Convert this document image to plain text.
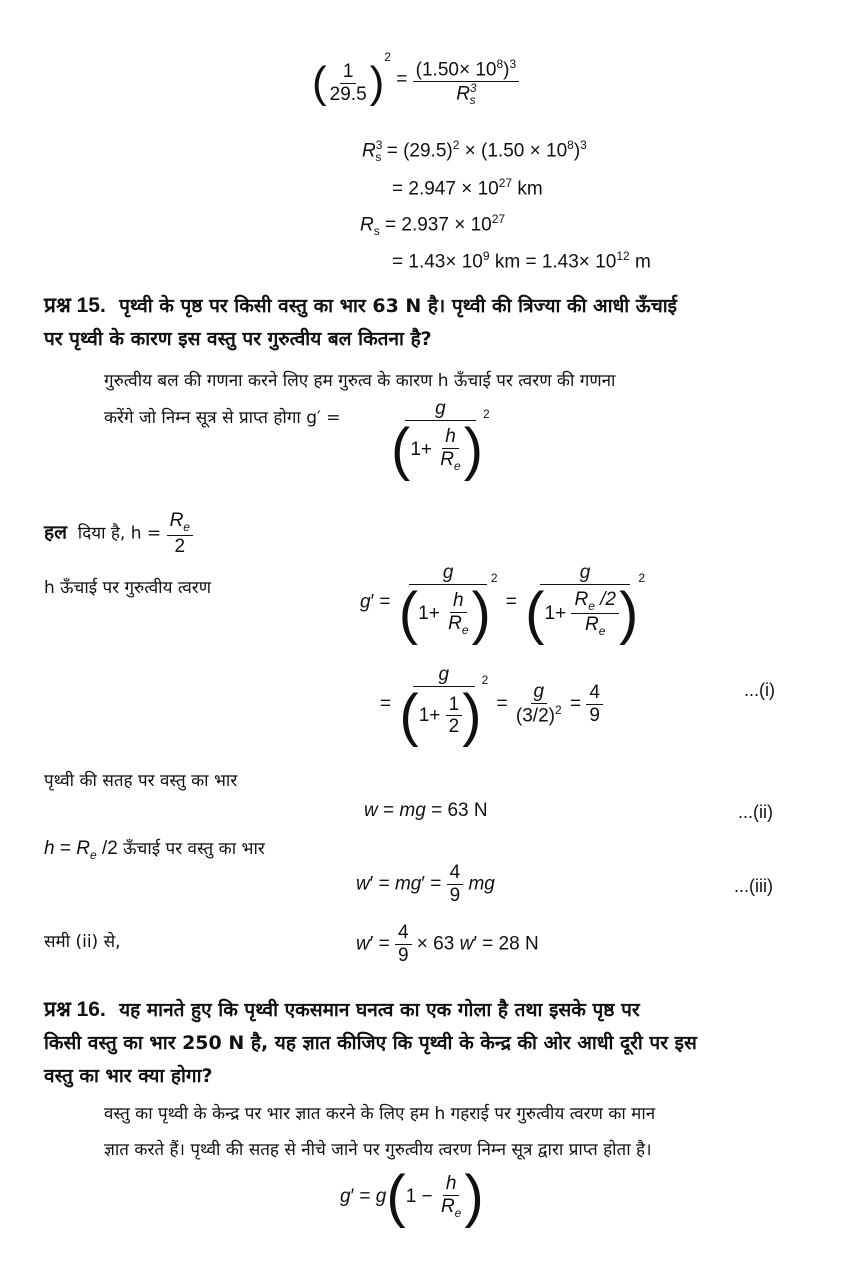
( $\frac{1}{29.5} )^2 = \frac{(1.50\times 10^8)^3}{R^3_s}$
$R^3_s = (29.5)^2 \times (1.50 \times 10^8)^3$
= $2.947 \times 10^{27}$ km
$R_s = 2.937 \times 10^{27}$
= $1.43\times 10^9$ km = $1.43\times 10^{12}$ m
प्रश्न 15. पृथ्वी के पृष्ठ पर किसी वस्तु का भार 63 N है। पृथ्वी की त्रिज्या की आधी ऊँचाई
पर पृथ्वी के कारण इस वस्तु पर गुरुत्वीय बल कितना है?
गुरुत्वीय बल की गणना करने लिए हम गुरुत्व के कारण h ऊँचाई पर त्वरण की गणना
करेंगे जो निम्न सूत्र से प्राप्त होगा g′ =	$\frac{g}{(1+ \frac{h}{R_e} )^2}$
हल दिया है, $h = \frac{R_e}{2}$
h ऊँचाई पर गुरुत्वीय त्वरण
$g' = \frac{g}{(1+ \frac{h}{R_e} )^2} = \frac{g}{(1+ \frac{R_e /2}{R_e} )^2}$
= $\frac{g}{(1+ \frac{1}{2} )^2} = \frac{g}{(3/2)^2} = \frac{4}{9}$	...(i)
पृथ्वी की सतह पर वस्तु का भार
w = mg = 63 N	...(ii)
$h = R_e$ /2 ऊँचाई पर वस्तु का भार
$w' = mg' = \frac{4}{9}$ mg	...(iii)
समी (ii) से,	$w' = \frac{4}{9} \times 63$ w′ = 28 N
प्रश्न 16. यह मानते हुए कि पृथ्वी एकसमान घनत्व का एक गोला है तथा इसके पृष्ठ पर
किसी वस्तु का भार 250 N है, यह ज्ञात कीजिए कि पृथ्वी के केन्द्र की ओर आधी दूरी पर इस
वस्तु का भार क्या होगा?
वस्तु का पृथ्वी के केन्द्र पर भार ज्ञात करने के लिए हम h गहराई पर गुरुत्वीय त्वरण का मान
ज्ञात करते हैं। पृथ्वी की सतह से नीचे जाने पर गुरुत्वीय त्वरण निम्न सूत्र द्वारा प्राप्त होता है।
$g' = g(1 - \frac{h}{R_e}$ )
